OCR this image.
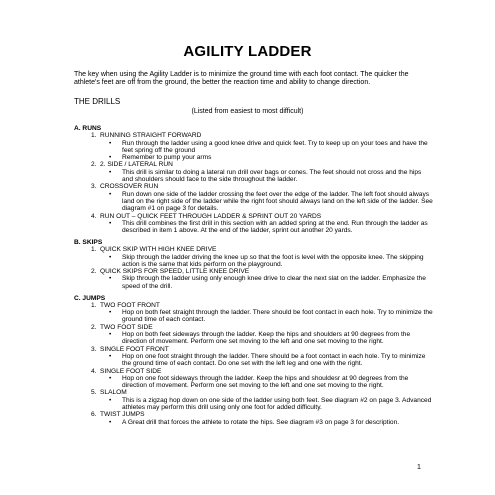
AGILITY LADDER
The key when using the Agility Ladder is to minimize the ground time with each foot contact. The quicker the athlete's feet are off from the ground, the better the reaction time and ability to change direction.
THE DRILLS
(Listed from easiest to most difficult)
A. RUNS
1. RUNNING STRAIGHT FORWARD
•	Run through the ladder using a good knee drive and quick feet. Try to keep up on your toes and have the feet spring off the ground
•	Remember to pump your arms
2. 2. SIDE / LATERAL RUN
•	This drill is similar to doing a lateral run drill over bags or cones. The feet should not cross and the hips and shoulders should face to the side throughout the ladder.
3. CROSSOVER RUN
•	Run down one side of the ladder crossing the feet over the edge of the ladder. The left foot should always land on the right side of the ladder while the right foot should always land on the left side of the ladder. See diagram #1 on page 3 for details.
4. RUN OUT – QUICK FEET THROUGH LADDER & SPRINT OUT 20 YARDS
•	This drill combines the first drill in this section with an added spring at the end. Run through the ladder as described in item 1 above. At the end of the ladder, sprint out another 20 yards.
B. SKIPS
1. QUICK SKIP WITH HIGH KNEE DRIVE
•	Skip through the ladder driving the knee up so that the foot is level with the opposite knee. The skipping action is the same that kids perform on the playground.
2. QUICK SKIPS FOR SPEED, LITTLE KNEE DRIVE
•	Skip through the ladder using only enough knee drive to clear the next slat on the ladder. Emphasize the speed of the drill.
C. JUMPS
1. TWO FOOT FRONT
•	Hop on both feet straight through the ladder. There should be foot contact in each hole. Try to minimize the ground time of each contact.
2. TWO FOOT SIDE
•	Hop on both feet sideways through the ladder. Keep the hips and shoulders at 90 degrees from the direction of movement. Perform one set moving to the left and one set moving to the right.
3. SINGLE FOOT FRONT
•	Hop on one foot straight through the ladder. There should be a foot contact in each hole. Try to minimize the ground time of each contact. Do one set with the left leg and one with the right.
4. SINGLE FOOT SIDE
•	Hop on one foot sideways through the ladder. Keep the hips and shouldesr at 90 degrees from the direction of movement. Perform one set moving to the left and one set moving to the right.
5. SLALOM
•	This is a zigzag hop down on one side of the ladder using both feet. See diagram #2 on page 3. Advanced athletes may perform this drill using only one foot for added difficulty.
6. TWIST JUMPS
•	A Great drill that forces the athlete to rotate the hips. See diagram #3 on page 3 for description.
1
